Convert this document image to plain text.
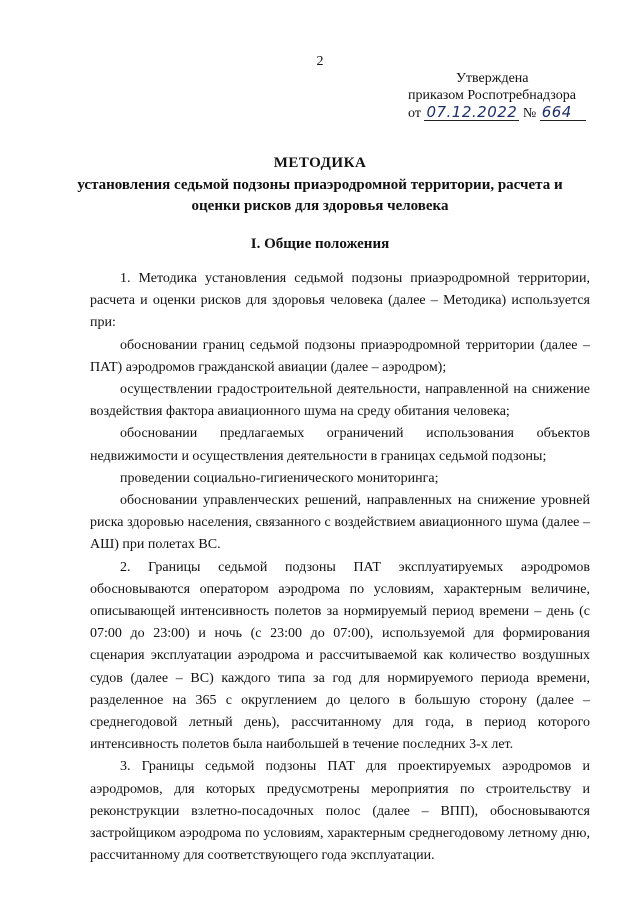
2
Утверждена
приказом Роспотребнадзора
от 07.12.2022 № 664
МЕТОДИКА
установления седьмой подзоны приаэродромной территории, расчета и
оценки рисков для здоровья человека
I. Общие положения

1. Методика установления седьмой подзоны приаэродромной территории, расчета и оценки рисков для здоровья человека (далее – Методика) используется при:

обосновании границ седьмой подзоны приаэродромной территории (далее – ПАТ) аэродромов гражданской авиации (далее – аэродром);

осуществлении градостроительной деятельности, направленной на снижение воздействия фактора авиационного шума на среду обитания человека;

обосновании предлагаемых ограничений использования объектов недвижимости и осуществления деятельности в границах седьмой подзоны;

проведении социально-гигиенического мониторинга;

обосновании управленческих решений, направленных на снижение уровней риска здоровью населения, связанного с воздействием авиационного шума (далее – АШ) при полетах ВС.

2. Границы седьмой подзоны ПАТ эксплуатируемых аэродромов обосновываются оператором аэродрома по условиям, характерным величине, описывающей интенсивность полетов за нормируемый период времени – день (с 07:00 до 23:00) и ночь (с 23:00 до 07:00), используемой для формирования сценария эксплуатации аэродрома и рассчитываемой как количество воздушных судов (далее – ВС) каждого типа за год для нормируемого периода времени, разделенное на 365 с округлением до целого в большую сторону (далее – среднегодовой летный день), рассчитанному для года, в период которого интенсивность полетов была наибольшей в течение последних 3-х лет.

3. Границы седьмой подзоны ПАТ для проектируемых аэродромов и аэродромов, для которых предусмотрены мероприятия по строительству и реконструкции взлетно-посадочных полос (далее – ВПП), обосновываются застройщиком аэродрома по условиям, характерным среднегодовому летному дню, рассчитанному для соответствующего года эксплуатации.
